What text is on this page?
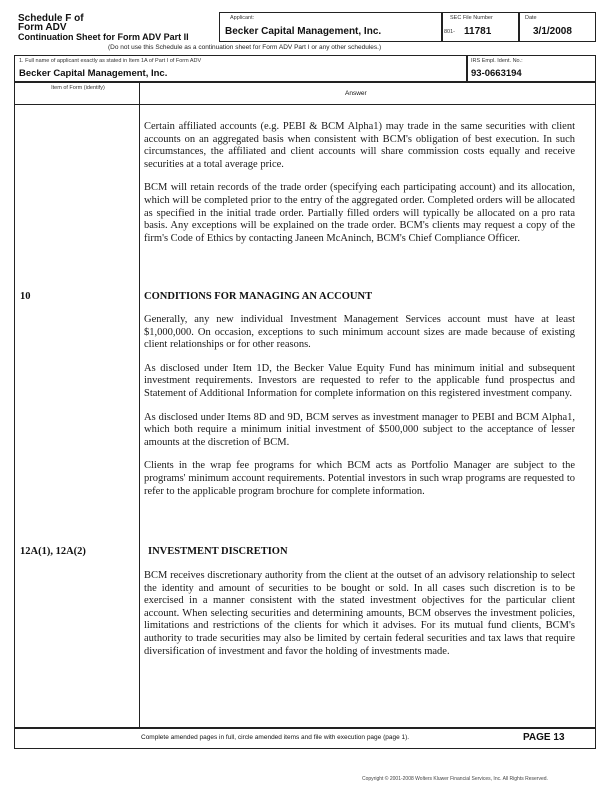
Schedule F of
Form ADV
Continuation Sheet for Form ADV Part II
Applicant:
Becker Capital Management, Inc.
SEC File Number
801- 11781
Date
3/1/2008
(Do not use this Schedule as a continuation sheet for Form ADV Part I or any other schedules.)
1. Full name of applicant exactly as stated in Item 1A of Part I of Form ADV
Becker Capital Management, Inc.
IRS Empl. Ident. No.:
93-0663194
Item of Form (identify)
Answer

Certain affiliated accounts (e.g. PEBI & BCM Alpha1) may trade in the same securities with client accounts on an aggregated basis when consistent with BCM's obligation of best execution. In such circumstances, the affiliated and client accounts will share commission costs equally and receive securities at a total average price.

BCM will retain records of the trade order (specifying each participating account) and its allocation, which will be completed prior to the entry of the aggregated order. Completed orders will be allocated as specified in the initial trade order. Partially filled orders will typically be allocated on a pro rata basis. Any exceptions will be explained on the trade order. BCM's clients may request a copy of the firm's Code of Ethics by contacting Janeen McAninch, BCM's Chief Compliance Officer.

10	CONDITIONS FOR MANAGING AN ACCOUNT

Generally, any new individual Investment Management Services account must have at least $1,000,000. On occasion, exceptions to such minimum account sizes are made because of existing client relationships or for other reasons.

As disclosed under Item 1D, the Becker Value Equity Fund has minimum initial and subsequent investment requirements. Investors are requested to refer to the applicable fund prospectus and Statement of Additional Information for complete information on this registered investment company.

As disclosed under Items 8D and 9D, BCM serves as investment manager to PEBI and BCM Alpha1, which both require a minimum initial investment of $500,000 subject to the acceptance of lesser amounts at the discretion of BCM.

Clients in the wrap fee programs for which BCM acts as Portfolio Manager are subject to the programs' minimum account requirements. Potential investors in such wrap programs are requested to refer to the applicable program brochure for complete information.

12A(1), 12A(2)	INVESTMENT DISCRETION

BCM receives discretionary authority from the client at the outset of an advisory relationship to select the identity and amount of securities to be bought or sold. In all cases such discretion is to be exercised in a manner consistent with the stated investment objectives for the particular client account. When selecting securities and determining amounts, BCM observes the investment policies, limitations and restrictions of the clients for which it advises. For its mutual fund clients, BCM's authority to trade securities may also be limited by certain federal securities and tax laws that require diversification of investment and favor the holding of investments made.

Complete amended pages in full, circle amended items and file with execution page (page 1).	PAGE 13
Copyright © 2001-2008 Wolters Kluwer Financial Services, Inc. All Rights Reserved.
